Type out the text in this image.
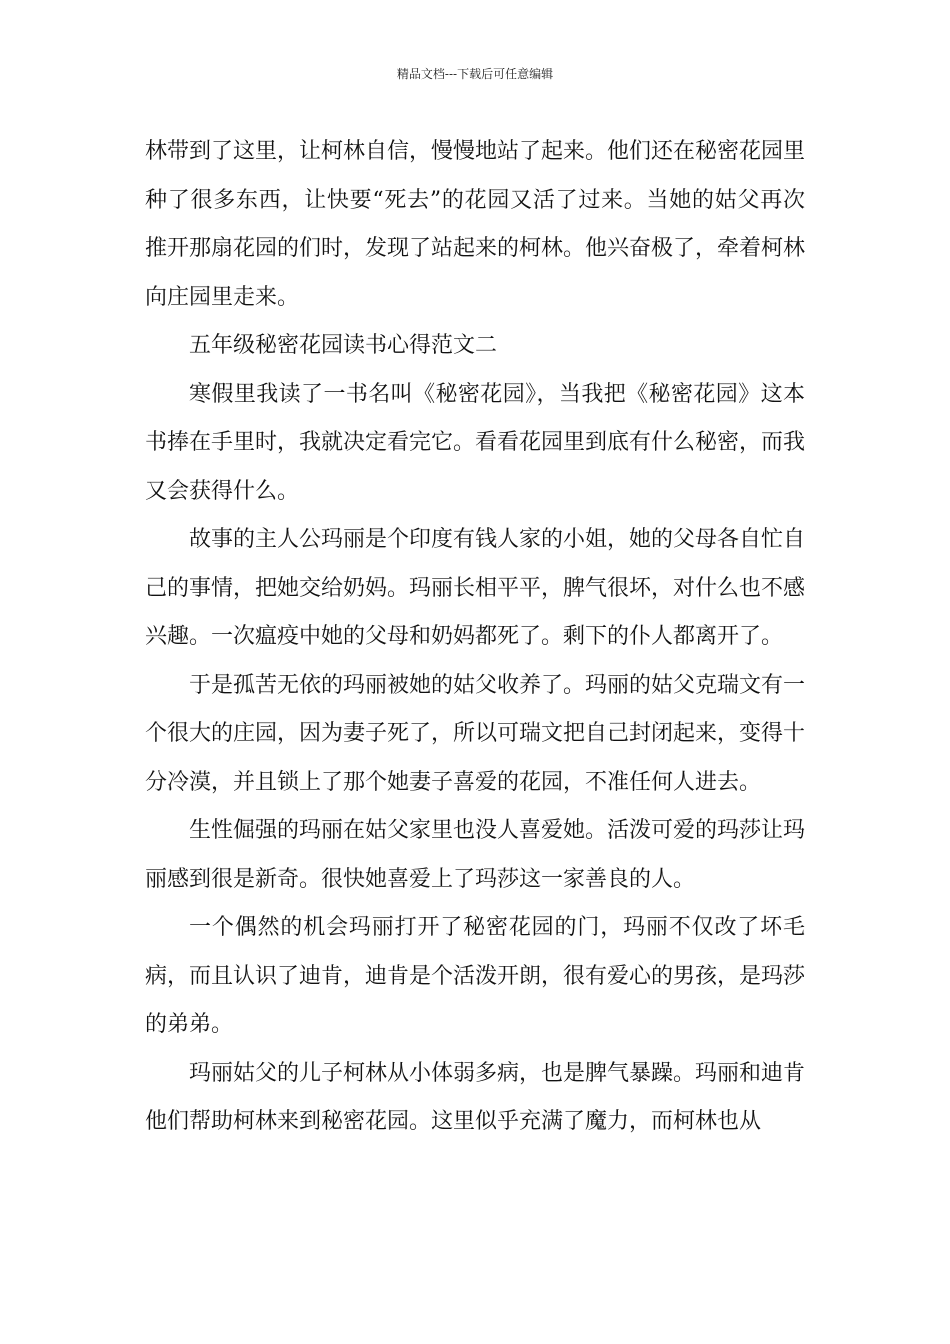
精品文档---下载后可任意编辑

林带到了这里，让柯林自信，慢慢地站了起来。他们还在秘密花园里种了很多东西，让快要“死去”的花园又活了过来。当她的姑父再次推开那扇花园的们时，发现了站起来的柯林。他兴奋极了，牵着柯林向庄园里走来。

五年级秘密花园读书心得范文二

寒假里我读了一书名叫《秘密花园》，当我把《秘密花园》这本书捧在手里时，我就决定看完它。看看花园里到底有什么秘密，而我又会获得什么。

故事的主人公玛丽是个印度有钱人家的小姐，她的父母各自忙自己的事情，把她交给奶妈。玛丽长相平平，脾气很坏，对什么也不感兴趣。一次瘟疫中她的父母和奶妈都死了。剩下的仆人都离开了。

于是孤苦无依的玛丽被她的姑父收养了。玛丽的姑父克瑞文有一个很大的庄园，因为妻子死了，所以可瑞文把自己封闭起来，变得十分冷漠，并且锁上了那个她妻子喜爱的花园，不准任何人进去。

生性倔强的玛丽在姑父家里也没人喜爱她。活泼可爱的玛莎让玛丽感到很是新奇。很快她喜爱上了玛莎这一家善良的人。

一个偶然的机会玛丽打开了秘密花园的门，玛丽不仅改了坏毛病，而且认识了迪肯，迪肯是个活泼开朗，很有爱心的男孩，是玛莎的弟弟。

玛丽姑父的儿子柯林从小体弱多病，也是脾气暴躁。玛丽和迪肯他们帮助柯林来到秘密花园。这里似乎充满了魔力，而柯林也从
